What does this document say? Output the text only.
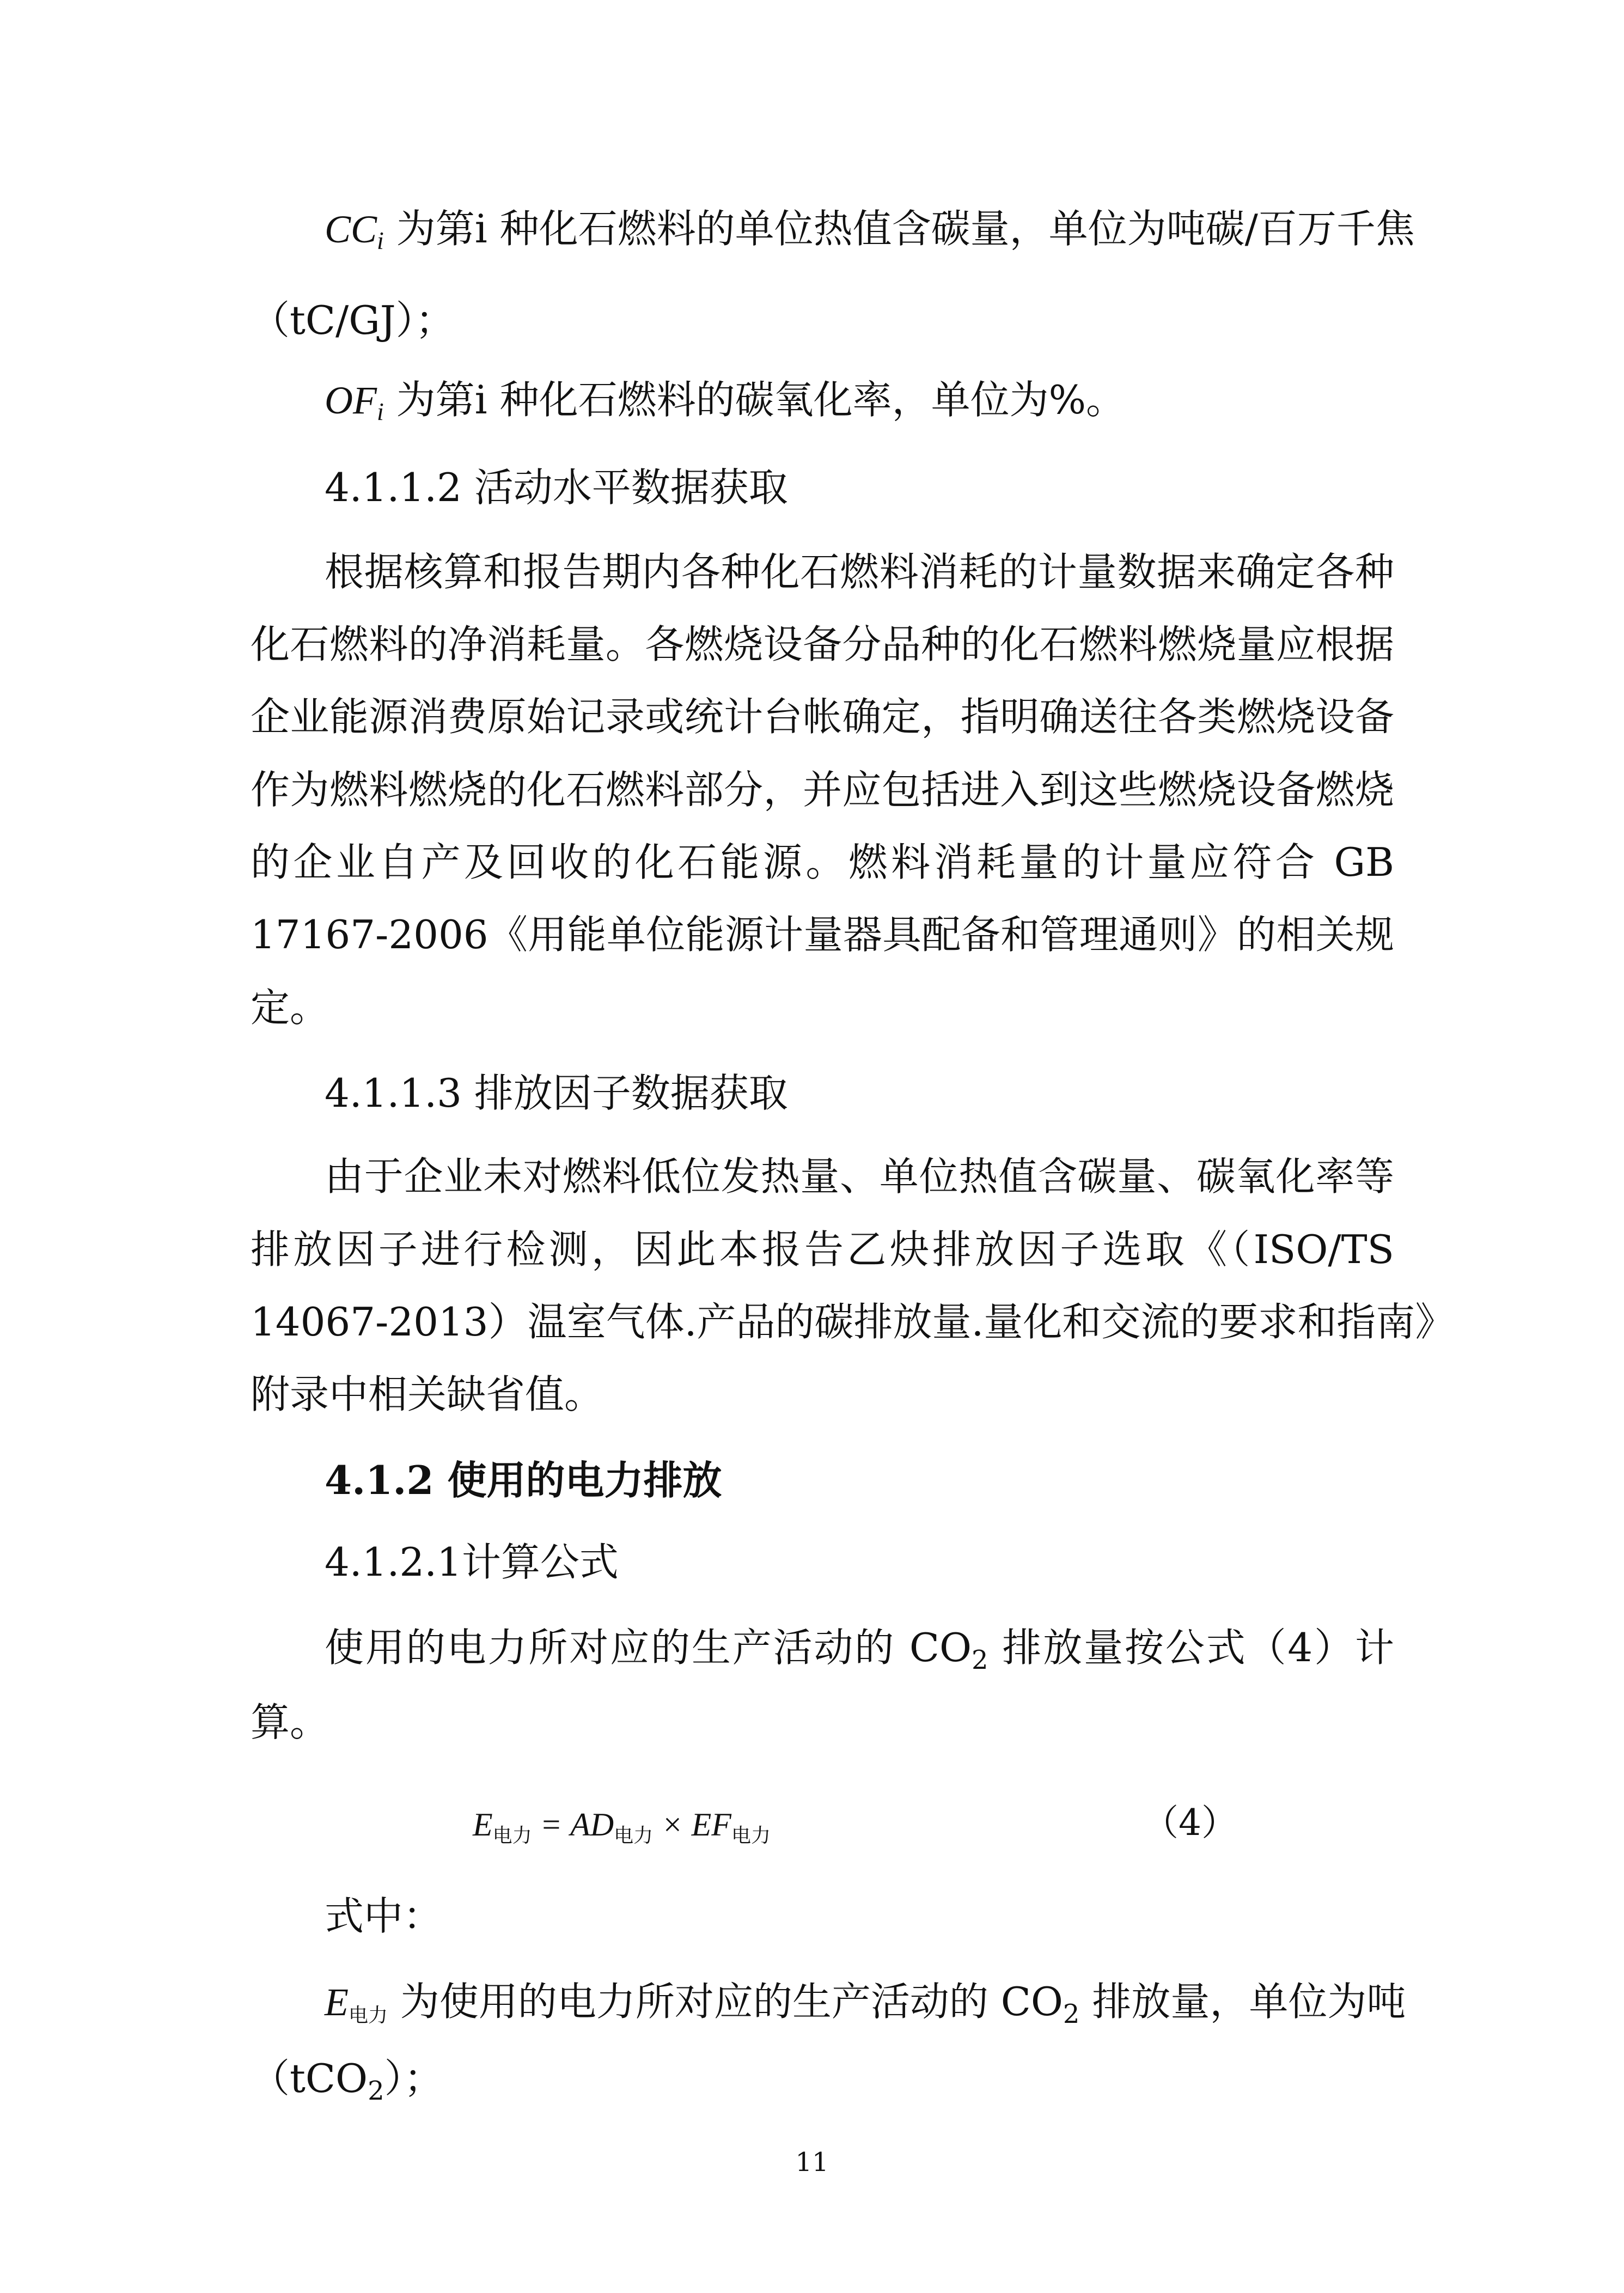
$CC_i$ 为第i 种化石燃料的单位热值含碳量，单位为吨碳/百万千焦
（tC/GJ）；
$OF_i$ 为第i 种化石燃料的碳氧化率，单位为%。
4.1.1.2 活动水平数据获取
根据核算和报告期内各种化石燃料消耗的计量数据来确定各种
化石燃料的净消耗量。各燃烧设备分品种的化石燃料燃烧量应根据
企业能源消费原始记录或统计台帐确定，指明确送往各类燃烧设备
作为燃料燃烧的化石燃料部分，并应包括进入到这些燃烧设备燃烧
的企业自产及回收的化石能源。燃料消耗量的计量应符合 GB
17167-2006《用能单位能源计量器具配备和管理通则》的相关规
定。
4.1.1.3 排放因子数据获取
由于企业未对燃料低位发热量、单位热值含碳量、碳氧化率等
排放因子进行检测，因此本报告乙炔排放因子选取《（ISO/TS
14067-2013）温室气体.产品的碳排放量.量化和交流的要求和指南》
附录中相关缺省值。
4.1.2 使用的电力排放
4.1.2.1计算公式
使用的电力所对应的生产活动的 CO2 排放量按公式（4）计
算。
$E_{电力} = AD_{电力} \times EF_{电力}$	（4）
式中：
$E_{电力}$ 为使用的电力所对应的生产活动的 CO2 排放量，单位为吨
（tCO2）；
11
